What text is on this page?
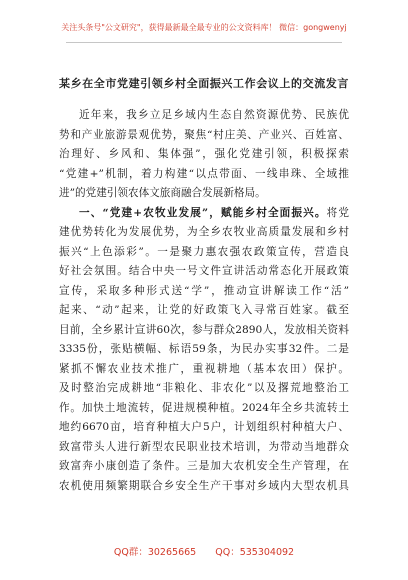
关注头条号"公文研究"，获得最新最全最专业的公文资料库！ 微信：gongwenyj
某乡在全市党建引领乡村全面振兴工作会议上的交流发言
近年来，我乡立足乡域内生态自然资源优势、民族优
势和产业旅游景观优势，聚焦“村庄美、产业兴、百姓富、
治理好、乡风和、集体强”，强化党建引领，积极探索
“党建+”机制，着力构建“以点带面、一线串珠、全域推
进”的党建引领农体文旅商融合发展新格局。
一、“党建+农牧业发展”，赋能乡村全面振兴。将党
建优势转化为发展优势，为全乡农牧业高质量发展和乡村
振兴“上色添彩”。一是聚力惠农强农政策宣传，营造良
好社会氛围。结合中央一号文件宣讲活动常态化开展政策
宣传，采取多种形式送“学”，推动宣讲解读工作“活”
起来、“动”起来，让党的好政策飞入寻常百姓家。截至
目前，全乡累计宣讲60次，参与群众2890人，发放相关资料
3335份，张贴横幅、标语59条，为民办实事32件。二是
紧抓不懈农业技术推广，重视耕地（基本农田）保护。
及时整治完成耕地“非粮化、非农化”以及撂荒地整治工
作。加快土地流转，促进规模种植。2024年全乡共流转土
地约6670亩，培育种植大户5户，计划组织村种植大户、
致富带头人进行新型农民职业技术培训，为带动当地群众
致富奔小康创造了条件。三是加大农机安全生产管理，在
农机使用频繁期联合乡安全生产干事对乡域内大型农机具
QQ群：30265665 QQ：535304092
